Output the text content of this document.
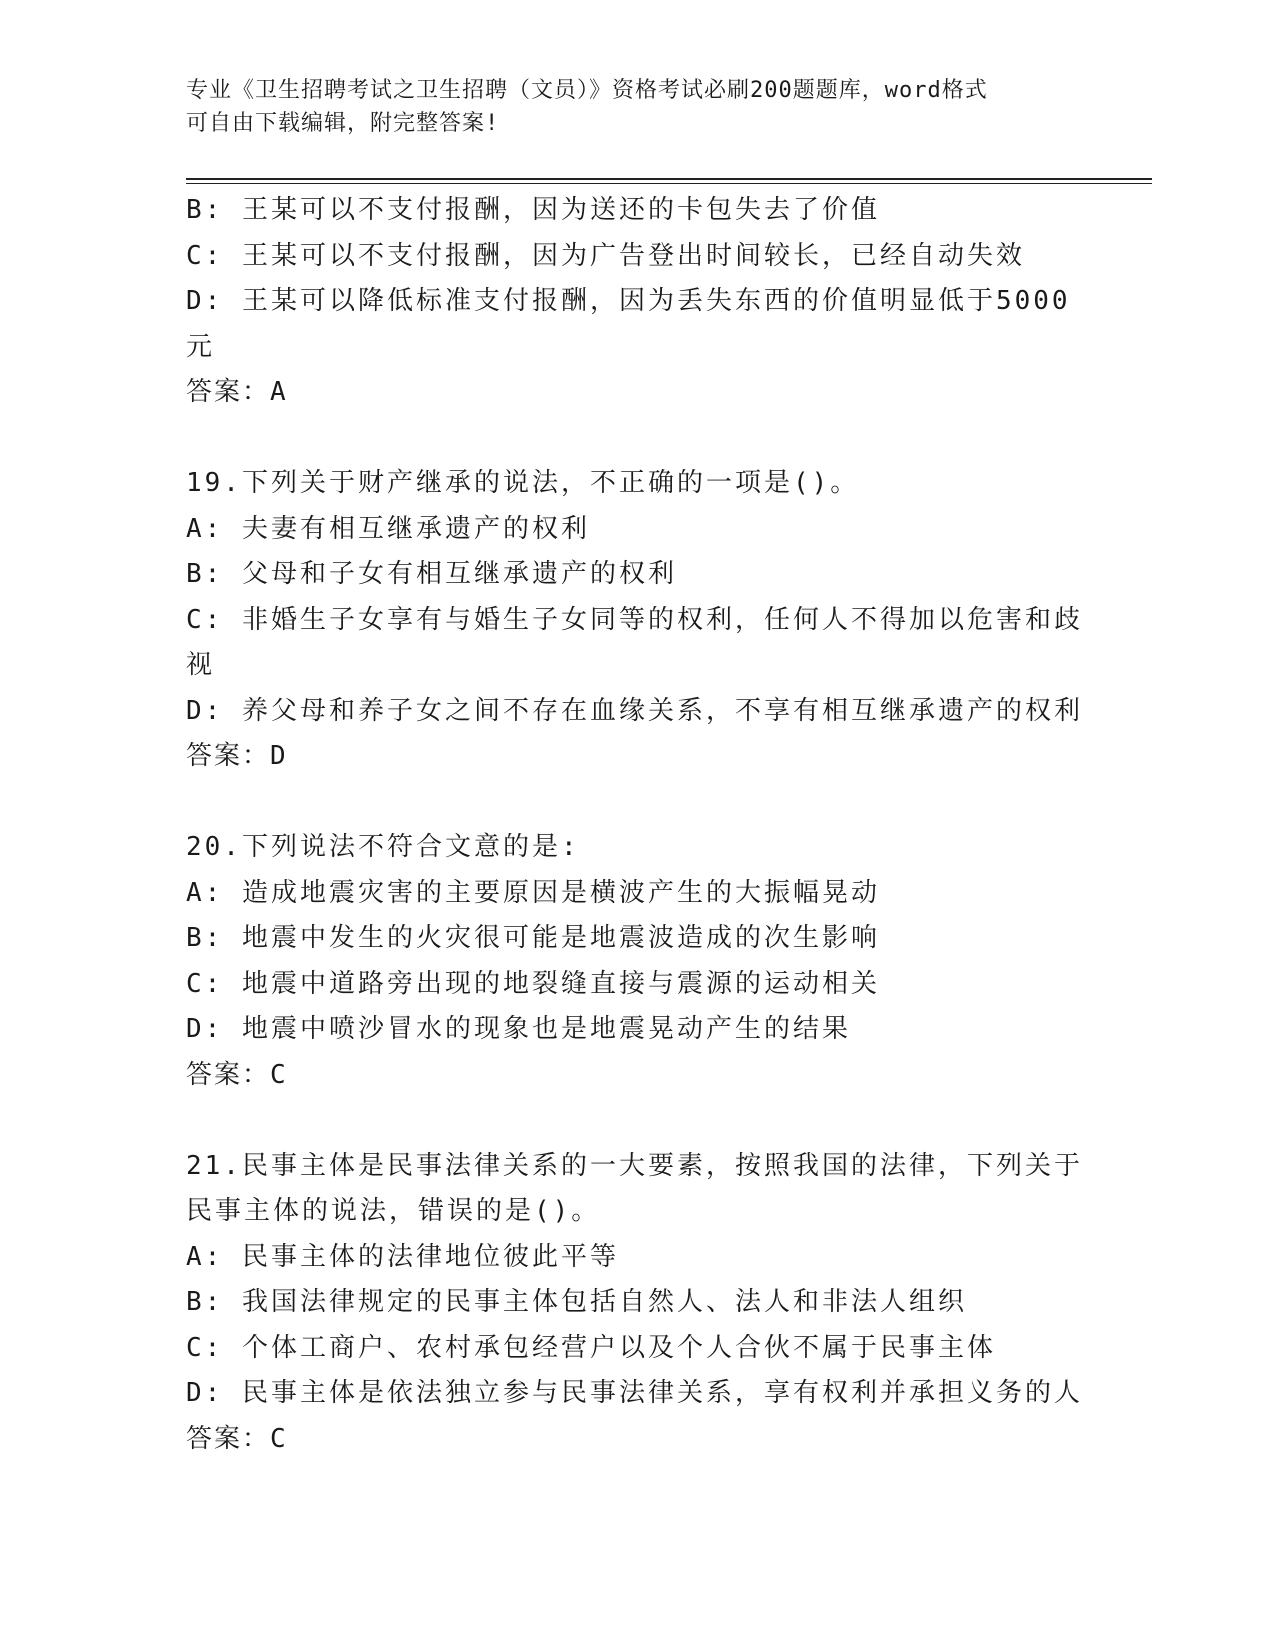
专业《卫生招聘考试之卫生招聘（文员）》资格考试必刷200题题库，word格式
可自由下载编辑，附完整答案!
B: 王某可以不支付报酬，因为送还的卡包失去了价值
C: 王某可以不支付报酬，因为广告登出时间较长，已经自动失效
D: 王某可以降低标准支付报酬，因为丢失东西的价值明显低于5000
元
答案：A
19.下列关于财产继承的说法，不正确的一项是()。
A: 夫妻有相互继承遗产的权利
B: 父母和子女有相互继承遗产的权利
C: 非婚生子女享有与婚生子女同等的权利，任何人不得加以危害和歧
视
D: 养父母和养子女之间不存在血缘关系，不享有相互继承遗产的权利
答案：D
20.下列说法不符合文意的是:
A: 造成地震灾害的主要原因是横波产生的大振幅晃动
B: 地震中发生的火灾很可能是地震波造成的次生影响
C: 地震中道路旁出现的地裂缝直接与震源的运动相关
D: 地震中喷沙冒水的现象也是地震晃动产生的结果
答案：C
21.民事主体是民事法律关系的一大要素，按照我国的法律，下列关于
民事主体的说法，错误的是()。
A: 民事主体的法律地位彼此平等
B: 我国法律规定的民事主体包括自然人、法人和非法人组织
C: 个体工商户、农村承包经营户以及个人合伙不属于民事主体
D: 民事主体是依法独立参与民事法律关系，享有权利并承担义务的人
答案：C
